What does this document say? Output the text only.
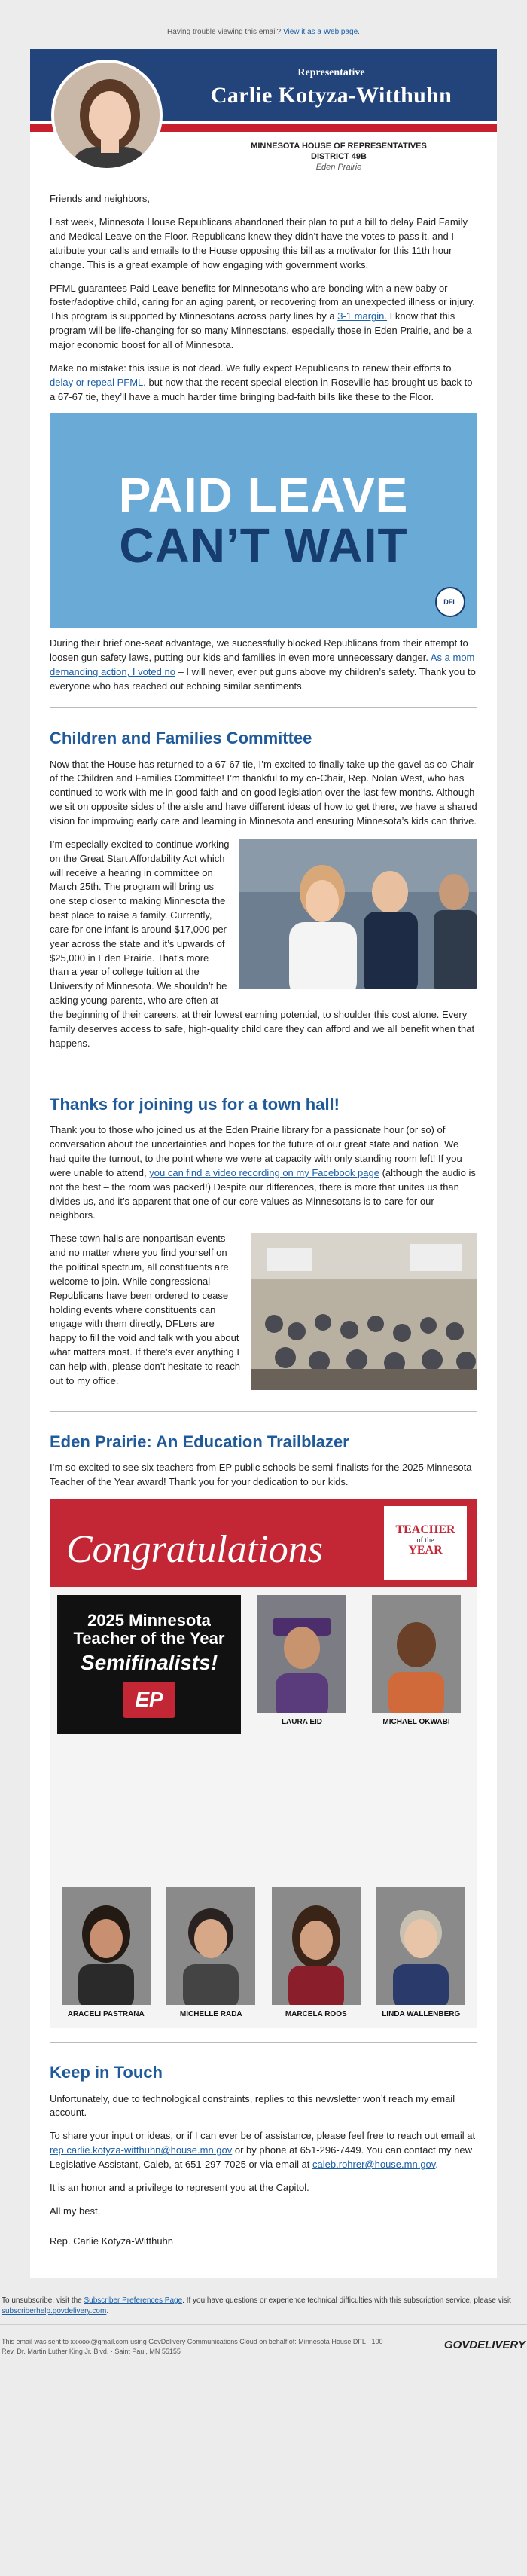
Having trouble viewing this email? View it as a Web page.
Representative
Carlie Kotyza-Witthuhn
MINNESOTA HOUSE OF REPRESENTATIVES
DISTRICT 49B
Eden Prairie

Friends and neighbors,

Last week, Minnesota House Republicans abandoned their plan to put a bill to delay Paid Family and Medical Leave on the Floor. Republicans knew they didn’t have the votes to pass it, and I attribute your calls and emails to the House opposing this bill as a motivator for this 11th hour change. This is a great example of how engaging with government works.

PFML guarantees Paid Leave benefits for Minnesotans who are bonding with a new baby or foster/adoptive child, caring for an aging parent, or recovering from an unexpected illness or injury. This program is supported by Minnesotans across party lines by a 3-1 margin. I know that this program will be life-changing for so many Minnesotans, especially those in Eden Prairie, and be a major economic boost for all of Minnesota.

Make no mistake: this issue is not dead. We fully expect Republicans to renew their efforts to delay or repeal PFML, but now that the recent special election in Roseville has brought us back to a 67-67 tie, they’ll have a much harder time bringing bad-faith bills like these to the Floor.

PAID LEAVE
CAN’T WAIT
DFL

During their brief one-seat advantage, we successfully blocked Republicans from their attempt to loosen gun safety laws, putting our kids and families in even more unnecessary danger. As a mom demanding action, I voted no – I will never, ever put guns above my children’s safety. Thank you to everyone who has reached out echoing similar sentiments.

Children and Families Committee

Now that the House has returned to a 67-67 tie, I’m excited to finally take up the gavel as co-Chair of the Children and Families Committee! I’m thankful to my co-Chair, Rep. Nolan West, who has continued to work with me in good faith and on good legislation over the last few months. Although we sit on opposite sides of the aisle and have different ideas of how to get there, we have a shared vision for improving early care and learning in Minnesota and ensuring Minnesota’s kids can thrive.

I’m especially excited to continue working on the Great Start Affordability Act which will receive a hearing in committee on March 25th. The program will bring us one step closer to making Minnesota the best place to raise a family. Currently, care for one infant is around $17,000 per year across the state and it’s upwards of $25,000 in Eden Prairie. That’s more than a year of college tuition at the University of Minnesota. We shouldn’t be asking young parents, who are often at the beginning of their careers, at their lowest earning potential, to shoulder this cost alone. Every family deserves access to safe, high-quality child care they can afford and we all benefit when that happens.

Thanks for joining us for a town hall!

Thank you to those who joined us at the Eden Prairie library for a passionate hour (or so) of conversation about the uncertainties and hopes for the future of our great state and nation. We had quite the turnout, to the point where we were at capacity with only standing room left! If you were unable to attend, you can find a video recording on my Facebook page (although the audio is not the best – the room was packed!) Despite our differences, there is more that unites us than divides us, and it’s apparent that one of our core values as Minnesotans is to care for our neighbors.

These town halls are nonpartisan events and no matter where you find yourself on the political spectrum, all constituents are welcome to join. While congressional Republicans have been ordered to cease holding events where constituents can engage with them directly, DFLers are happy to fill the void and talk with you about what matters most. If there’s ever anything I can help with, please don’t hesitate to reach out to my office.

Eden Prairie: An Education Trailblazer

I’m so excited to see six teachers from EP public schools be semi-finalists for the 2025 Minnesota Teacher of the Year award! Thank you for your dedication to our kids.

Congratulations	TEACHER
of the
YEAR
2025 Minnesota
Teacher of the Year
Semifinalists!
EP
LAURA EID	MICHAEL OKWABI
ARACELI PASTRANA	MICHELLE RADA	MARCELA ROOS	LINDA WALLENBERG
Keep in Touch

Unfortunately, due to technological constraints, replies to this newsletter won’t reach my email account.

To share your input or ideas, or if I can ever be of assistance, please feel free to reach out email at rep.carlie.kotyza-witthuhn@house.mn.gov or by phone at 651-296-7449. You can contact my new Legislative Assistant, Caleb, at 651-297-7025 or via email at caleb.rohrer@house.mn.gov.

It is an honor and a privilege to represent you at the Capitol.

All my best,

Rep. Carlie Kotyza-Witthuhn

To unsubscribe, visit the Subscriber Preferences Page. If you have questions or experience technical difficulties with this subscription service, please visit subscriberhelp.govdelivery.com.
This email was sent to xxxxxx@gmail.com using GovDelivery Communications Cloud on behalf of: Minnesota House DFL · 100
Rev. Dr. Martin Luther King Jr. Blvd. · Saint Paul, MN 55155
GOVDELIVERY
